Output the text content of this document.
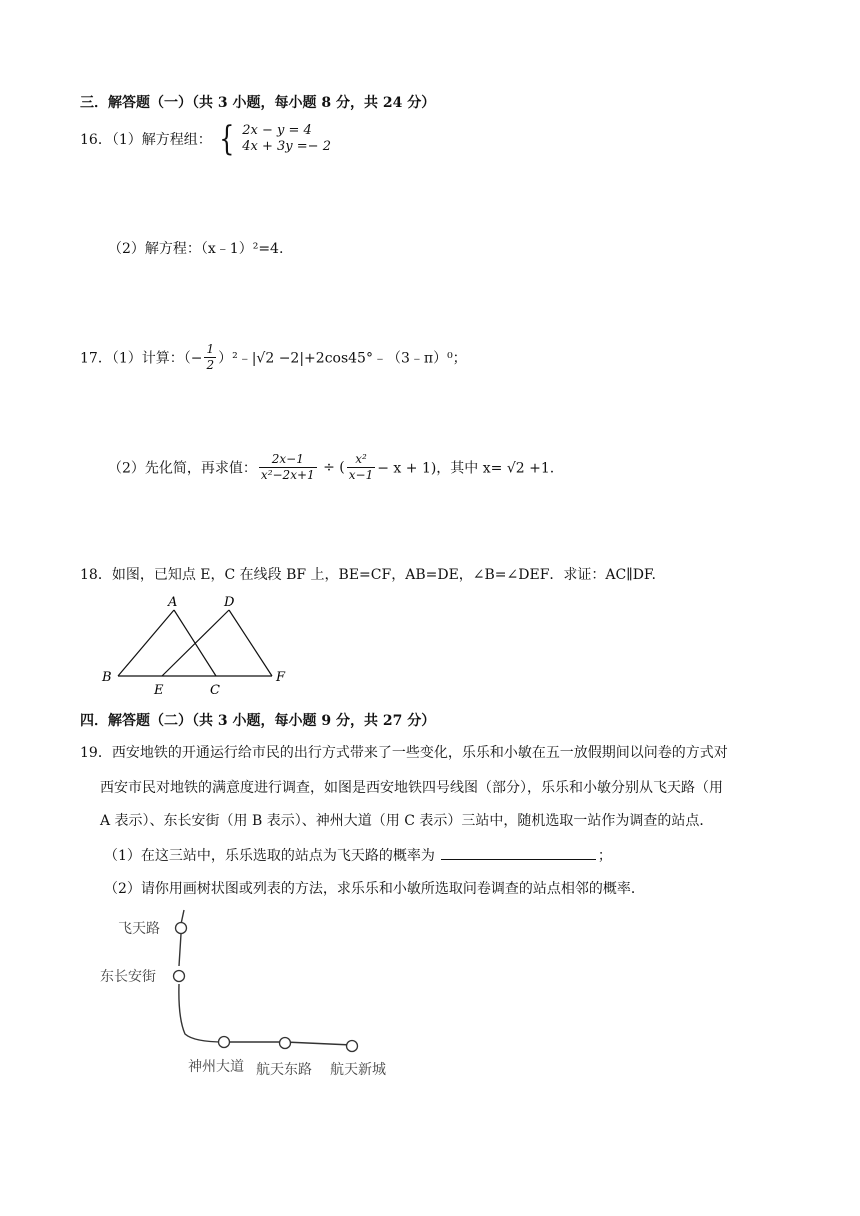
三．解答题（一）（共 3 小题，每小题 8 分，共 24 分）
16．（1）解方程组： { 2x − y = 4
4x + 3y =− 2
（2）解方程：（x﹣1）²=4.
17．（1）计算：（− $\frac{1}{2}$ ）²﹣|√2 −2|+2cos45°﹣（3﹣π）⁰；
（2）先化简，再求值： $\frac{2x-1}{\text{x²−2x+1}}$ ÷ ( $\frac{\text{x²}}{x-1} - x + 1$)，其中 x= √2 +1.
18．如图，已知点 E，C 在线段 BF 上，BE=CF，AB=DE，∠B=∠DEF．求证：AC∥DF.
A	D
B
E	C
F
四．解答题（二）（共 3 小题，每小题 9 分，共 27 分）
19．西安地铁的开通运行给市民的出行方式带来了一些变化，乐乐和小敏在五一放假期间以问卷的方式对
西安市民对地铁的满意度进行调查，如图是西安地铁四号线图（部分），乐乐和小敏分别从飞天路（用
A 表示）、东长安街（用 B 表示）、神州大道（用 C 表示）三站中，随机选取一站作为调查的站点．
（1）在这三站中，乐乐选取的站点为飞天路的概率为	；
（2）请你用画树状图或列表的方法，求乐乐和小敏所选取问卷调查的站点相邻的概率．
飞天路
东长安街
神州大道 航天东路 航天新城
